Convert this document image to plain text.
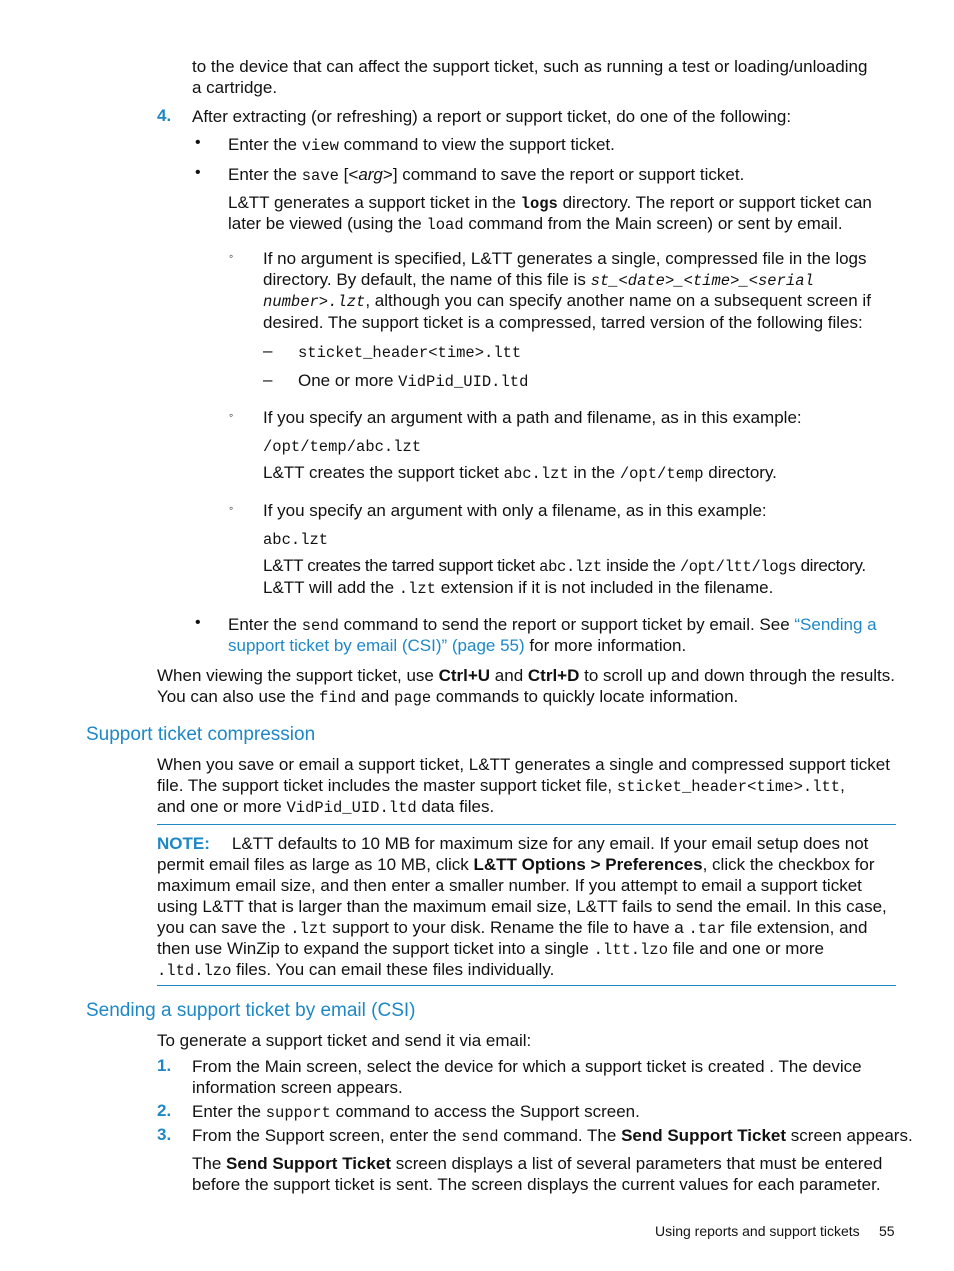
to the device that can affect the support ticket, such as running a test or loading/unloading
a cartridge.
4. After extracting (or refreshing) a report or support ticket, do one of the following:
• Enter the view command to view the support ticket.
• Enter the save [<arg>] command to save the report or support ticket.
L&TT generates a support ticket in the logs directory. The report or support ticket can
later be viewed (using the load command from the Main screen) or sent by email.
◦ If no argument is specified, L&TT generates a single, compressed file in the logs
directory. By default, the name of this file is st_<date>_<time>_<serial
number>.lzt, although you can specify another name on a subsequent screen if
desired. The support ticket is a compressed, tarred version of the following files:
– sticket_header<time>.ltt
– One or more VidPid_UID.ltd
◦ If you specify an argument with a path and filename, as in this example:
/opt/temp/abc.lzt
L&TT creates the support ticket abc.lzt in the /opt/temp directory.
◦ If you specify an argument with only a filename, as in this example:
abc.lzt
L&TT creates the tarred support ticket abc.lzt inside the /opt/ltt/logs directory.
L&TT will add the .lzt extension if it is not included in the filename.
• Enter the send command to send the report or support ticket by email. See “Sending a
support ticket by email (CSI)” (page 55) for more information.
When viewing the support ticket, use Ctrl+U and Ctrl+D to scroll up and down through the results.
You can also use the find and page commands to quickly locate information.
Support ticket compression
When you save or email a support ticket, L&TT generates a single and compressed support ticket
file. The support ticket includes the master support ticket file, sticket_header<time>.ltt,
and one or more VidPid_UID.ltd data files.
NOTE: L&TT defaults to 10 MB for maximum size for any email. If your email setup does not
permit email files as large as 10 MB, click L&TT Options > Preferences, click the checkbox for
maximum email size, and then enter a smaller number. If you attempt to email a support ticket
using L&TT that is larger than the maximum email size, L&TT fails to send the email. In this case,
you can save the .lzt support to your disk. Rename the file to have a .tar file extension, and
then use WinZip to expand the support ticket into a single .ltt.lzo file and one or more
.ltd.lzo files. You can email these files individually.
Sending a support ticket by email (CSI)
To generate a support ticket and send it via email:
1. From the Main screen, select the device for which a support ticket is created . The device
information screen appears.
2. Enter the support command to access the Support screen.
3. From the Support screen, enter the send command. The Send Support Ticket screen appears.
The Send Support Ticket screen displays a list of several parameters that must be entered
before the support ticket is sent. The screen displays the current values for each parameter.
Using reports and support tickets 55
